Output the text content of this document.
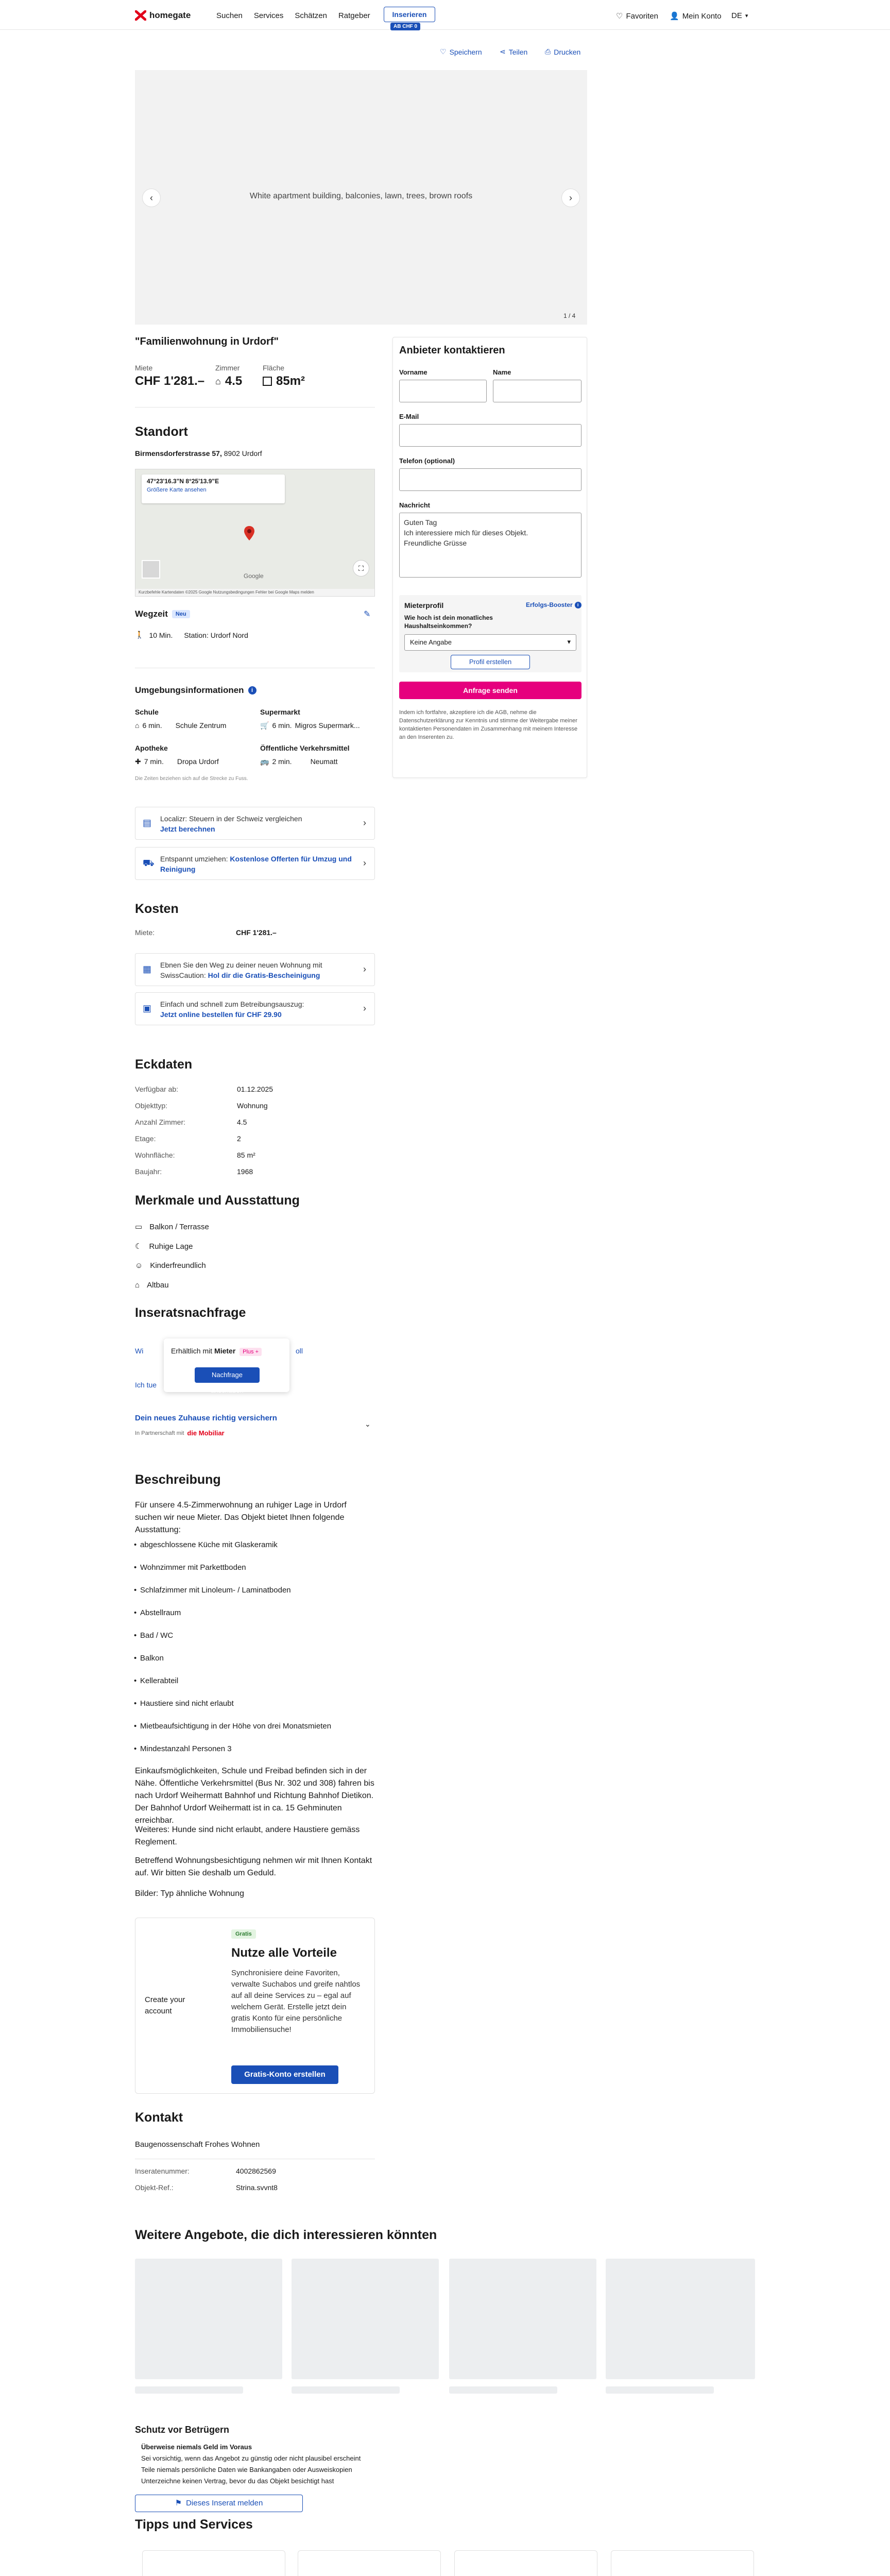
homegate	Suchen Services Schätzen Ratgeber	Inserieren
AB CHF 0
♡ Favoriten 👤 Mein Konto DE ▾
♡ Speichern ⋖ Teilen ⎙ Drucken
White apartment building, balconies, lawn, trees, brown roofs
‹	›
1 / 4
"Familienwohnung in Urdorf"
Miete
CHF 1'281.–
Zimmer
⌂ 4.5
Fläche
85m²
Standort
Birmensdorferstrasse 57, 8902 Urdorf
47°23'16.3"N 8°25'13.9"E
Größere Karte ansehen
Google
⛶
Kurzbefehle Kartendaten ©2025 Google Nutzungsbedingungen Fehler bei Google Maps melden
Wegzeit	Neu	✎
🚶 10 Min. Station: Urdorf Nord
Umgebungsinformationen	i
Schule
⌂ 6 min. Schule Zentrum
Supermarkt
🛒 6 min. Migros Supermark...
Apotheke
✚ 7 min. Dropa Urdorf
Öffentliche Verkehrsmittel
🚌 2 min.	Neumatt
Die Zeiten beziehen sich auf die Strecke zu Fuss.
▤	Localizr: Steuern in der Schweiz vergleichen
Jetzt berechnen
›
⛟ Entspannt umziehen: Kostenlose Offerten für Umzug und Reinigung
›
Kosten
Miete:	CHF 1'281.–
▦	Ebnen Sie den Weg zu deiner neuen Wohnung mit SwissCaution: Hol dir die Gratis-Bescheinigung
›
▣	Einfach und schnell zum Betreibungsauszug:
Jetzt online bestellen für CHF 29.90
›
Eckdaten
Verfügbar ab:	01.12.2025
Objekttyp:	Wohnung
Anzahl Zimmer:	4.5
Etage:	2
Wohnfläche:	85 m²
Baujahr:	1968
Merkmale und Ausstattung
▭ Balkon / Terrasse
☾ Ruhige Lage
☺ Kinderfreundlich
⌂ Altbau
Inseratsnachfrage
Wi	oll
Ich tue
Erhältlich mit Mieter Plus +
Nachfrage anschauen
Dein neues Zuhause richtig versichern
In Partnerschaft mit die Mobiliar
⌄
Beschreibung
Für unsere 4.5-Zimmerwohnung an ruhiger Lage in Urdorf suchen wir neue Mieter. Das Objekt bietet Ihnen folgende Ausstattung:
• abgeschlossene Küche mit Glaskeramik
• Wohnzimmer mit Parkettboden
• Schlafzimmer mit Linoleum- / Laminatboden
• Abstellraum
• Bad / WC
• Balkon
• Kellerabteil
• Haustiere sind nicht erlaubt
• Mietbeaufsichtigung in der Höhe von drei Monatsmieten
• Mindestanzahl Personen 3
Einkaufsmöglichkeiten, Schule und Freibad befinden sich in der Nähe. Öffentliche Verkehrsmittel (Bus Nr. 302 und 308) fahren bis nach Urdorf Weihermatt Bahnhof und Richtung Bahnhof Dietikon. Der Bahnhof Urdorf Weihermatt ist in ca. 15 Gehminuten erreichbar.
Weiteres: Hunde sind nicht erlaubt, andere Haustiere gemäss Reglement.
Betreffend Wohnungsbesichtigung nehmen wir mit Ihnen Kontakt auf. Wir bitten Sie deshalb um Geduld.
Bilder: Typ ähnliche Wohnung
Create your account
Gratis
Nutze alle Vorteile
Synchronisiere deine Favoriten, verwalte Suchabos und greife nahtlos auf all deine Services zu – egal auf welchem Gerät. Erstelle jetzt dein gratis Konto für eine persönliche Immobiliensuche!
Gratis-Konto erstellen
Kontakt
Baugenossenschaft Frohes Wohnen
Inseratenummer:	4002862569
Objekt-Ref.:	Strina.svvnt8
Anbieter kontaktieren
Vorname	Name
E-Mail
Telefon (optional)
Nachricht
Guten Tag Ich interessiere mich für dieses Objekt. Freundliche Grüsse
Mieterprofil	Erfolgs-Booster	i
Wie hoch ist dein monatliches Haushaltseinkommen?
Keine Angabe	▾
Profil erstellen
Anfrage senden
Indem ich fortfahre, akzeptiere ich die AGB, nehme die Datenschutzerklärung zur Kenntnis und stimme der Weitergabe meiner kontaktierten Personendaten im Zusammenhang mit meinem Interesse an den Inserenten zu.
Weitere Angebote, die dich interessieren könnten
Schutz vor Betrügern
Überweise niemals Geld im Voraus
Sei vorsichtig, wenn das Angebot zu günstig oder nicht plausibel erscheint
Teile niemals persönliche Daten wie Bankangaben oder Ausweiskopien
Unterzeichne keinen Vertrag, bevor du das Objekt besichtigt hast
⚑ Dieses Inserat melden
Tipps und Services
